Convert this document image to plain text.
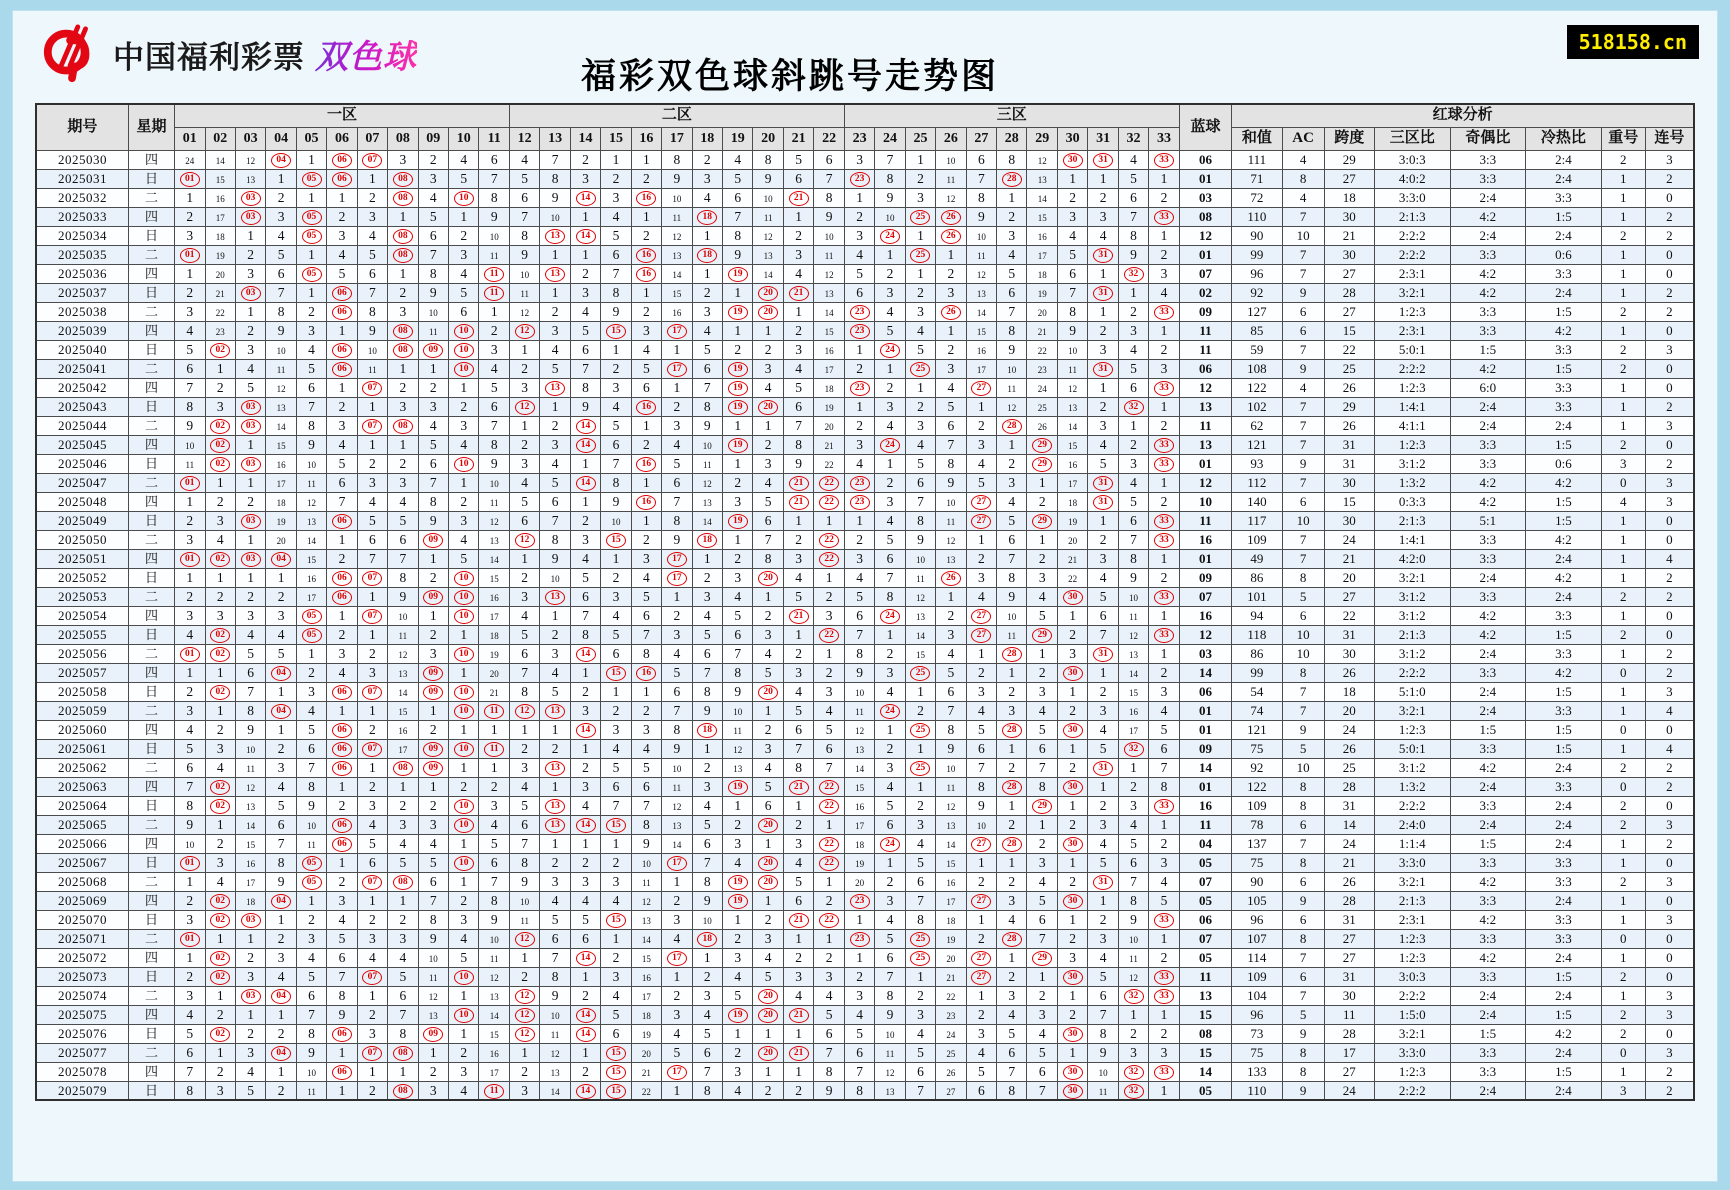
中国福利彩票 双色球
福彩双色球斜跳号走势图
518158.cn
期号	星期	一区											二区											三区											蓝球	红球分析							
		01	02	03	04	05	06	07	08	09	10	11	12	13	14	15	16	17	18	19	20	21	22	23	24	25	26	27	28	29	30	31	32	33		和值	AC	跨度	三区比	奇偶比	冷热比	重号	连号
2025030	四	24	14	12	04	1	06	07	3	2	4	6	4	7	2	1	1	8	2	4	8	5	6	3	7	1	10	6	8	12	30	31	4	33	06	111	4	29	3:0:3	3:3	2:4	2	3
2025031	日	01	15	13	1	05	06	1	08	3	5	7	5	8	3	2	2	9	3	5	9	6	7	23	8	2	11	7	28	13	1	1	5	1	01	71	8	27	4:0:2	3:3	2:4	1	2
2025032	二	1	16	03	2	1	1	2	08	4	10	8	6	9	14	3	16	10	4	6	10	21	8	1	9	3	12	8	1	14	2	2	6	2	03	72	4	18	3:3:0	2:4	3:3	1	0
2025033	四	2	17	03	3	05	2	3	1	5	1	9	7	10	1	4	1	11	18	7	11	1	9	2	10	25	26	9	2	15	3	3	7	33	08	110	7	30	2:1:3	4:2	1:5	1	2
2025034	日	3	18	1	4	05	3	4	08	6	2	10	8	13	14	5	2	12	1	8	12	2	10	3	24	1	26	10	3	16	4	4	8	1	12	90	10	21	2:2:2	2:4	2:4	2	2
2025035	二	01	19	2	5	1	4	5	08	7	3	11	9	1	1	6	16	13	18	9	13	3	11	4	1	25	1	11	4	17	5	31	9	2	01	99	7	30	2:2:2	3:3	0:6	1	0
2025036	四	1	20	3	6	05	5	6	1	8	4	11	10	13	2	7	16	14	1	19	14	4	12	5	2	1	2	12	5	18	6	1	32	3	07	96	7	27	2:3:1	4:2	3:3	1	0
2025037	日	2	21	03	7	1	06	7	2	9	5	11	11	1	3	8	1	15	2	1	20	21	13	6	3	2	3	13	6	19	7	31	1	4	02	92	9	28	3:2:1	4:2	2:4	1	2
2025038	二	3	22	1	8	2	06	8	3	10	6	1	12	2	4	9	2	16	3	19	20	1	14	23	4	3	26	14	7	20	8	1	2	33	09	127	6	27	1:2:3	3:3	1:5	2	2
2025039	四	4	23	2	9	3	1	9	08	11	10	2	12	3	5	15	3	17	4	1	1	2	15	23	5	4	1	15	8	21	9	2	3	1	11	85	6	15	2:3:1	3:3	4:2	1	0
2025040	日	5	02	3	10	4	06	10	08	09	10	3	1	4	6	1	4	1	5	2	2	3	16	1	24	5	2	16	9	22	10	3	4	2	11	59	7	22	5:0:1	1:5	3:3	2	3
2025041	二	6	1	4	11	5	06	11	1	1	10	4	2	5	7	2	5	17	6	19	3	4	17	2	1	25	3	17	10	23	11	31	5	3	06	108	9	25	2:2:2	4:2	1:5	2	0
2025042	四	7	2	5	12	6	1	07	2	2	1	5	3	13	8	3	6	1	7	19	4	5	18	23	2	1	4	27	11	24	12	1	6	33	12	122	4	26	1:2:3	6:0	3:3	1	0
2025043	日	8	3	03	13	7	2	1	3	3	2	6	12	1	9	4	16	2	8	19	20	6	19	1	3	2	5	1	12	25	13	2	32	1	13	102	7	29	1:4:1	2:4	3:3	1	2
2025044	二	9	02	03	14	8	3	07	08	4	3	7	1	2	14	5	1	3	9	1	1	7	20	2	4	3	6	2	28	26	14	3	1	2	11	62	7	26	4:1:1	2:4	2:4	1	3
2025045	四	10	02	1	15	9	4	1	1	5	4	8	2	3	14	6	2	4	10	19	2	8	21	3	24	4	7	3	1	29	15	4	2	33	13	121	7	31	1:2:3	3:3	1:5	2	0
2025046	日	11	02	03	16	10	5	2	2	6	10	9	3	4	1	7	16	5	11	1	3	9	22	4	1	5	8	4	2	29	16	5	3	33	01	93	9	31	3:1:2	3:3	0:6	3	2
2025047	二	01	1	1	17	11	6	3	3	7	1	10	4	5	14	8	1	6	12	2	4	21	22	23	2	6	9	5	3	1	17	31	4	1	12	112	7	30	1:3:2	4:2	4:2	0	3
2025048	四	1	2	2	18	12	7	4	4	8	2	11	5	6	1	9	16	7	13	3	5	21	22	23	3	7	10	27	4	2	18	31	5	2	10	140	6	15	0:3:3	4:2	1:5	4	3
2025049	日	2	3	03	19	13	06	5	5	9	3	12	6	7	2	10	1	8	14	19	6	1	1	1	4	8	11	27	5	29	19	1	6	33	11	117	10	30	2:1:3	5:1	1:5	1	0
2025050	二	3	4	1	20	14	1	6	6	09	4	13	12	8	3	15	2	9	18	1	7	2	22	2	5	9	12	1	6	1	20	2	7	33	16	109	7	24	1:4:1	3:3	4:2	1	0
2025051	四	01	02	03	04	15	2	7	7	1	5	14	1	9	4	1	3	17	1	2	8	3	22	3	6	10	13	2	7	2	21	3	8	1	01	49	7	21	4:2:0	3:3	2:4	1	4
2025052	日	1	1	1	1	16	06	07	8	2	10	15	2	10	5	2	4	17	2	3	20	4	1	4	7	11	26	3	8	3	22	4	9	2	09	86	8	20	3:2:1	2:4	4:2	1	2
2025053	二	2	2	2	2	17	06	1	9	09	10	16	3	13	6	3	5	1	3	4	1	5	2	5	8	12	1	4	9	4	30	5	10	33	07	101	5	27	3:1:2	3:3	2:4	2	2
2025054	四	3	3	3	3	05	1	07	10	1	10	17	4	1	7	4	6	2	4	5	2	21	3	6	24	13	2	27	10	5	1	6	11	1	16	94	6	22	3:1:2	4:2	3:3	1	0
2025055	日	4	02	4	4	05	2	1	11	2	1	18	5	2	8	5	7	3	5	6	3	1	22	7	1	14	3	27	11	29	2	7	12	33	12	118	10	31	2:1:3	4:2	1:5	2	0
2025056	二	01	02	5	5	1	3	2	12	3	10	19	6	3	14	6	8	4	6	7	4	2	1	8	2	15	4	1	28	1	3	31	13	1	03	86	10	30	3:1:2	2:4	3:3	1	2
2025057	四	1	1	6	04	2	4	3	13	09	1	20	7	4	1	15	16	5	7	8	5	3	2	9	3	25	5	2	1	2	30	1	14	2	14	99	8	26	2:2:2	3:3	4:2	0	2
2025058	日	2	02	7	1	3	06	07	14	09	10	21	8	5	2	1	1	6	8	9	20	4	3	10	4	1	6	3	2	3	1	2	15	3	06	54	7	18	5:1:0	2:4	1:5	1	3
2025059	二	3	1	8	04	4	1	1	15	1	10	11	12	13	3	2	2	7	9	10	1	5	4	11	24	2	7	4	3	4	2	3	16	4	01	74	7	20	3:2:1	2:4	3:3	1	4
2025060	四	4	2	9	1	5	06	2	16	2	1	1	1	1	14	3	3	8	18	11	2	6	5	12	1	25	8	5	28	5	30	4	17	5	01	121	9	24	1:2:3	1:5	1:5	0	0
2025061	日	5	3	10	2	6	06	07	17	09	10	11	2	2	1	4	4	9	1	12	3	7	6	13	2	1	9	6	1	6	1	5	32	6	09	75	5	26	5:0:1	3:3	1:5	1	4
2025062	二	6	4	11	3	7	06	1	08	09	1	1	3	13	2	5	5	10	2	13	4	8	7	14	3	25	10	7	2	7	2	31	1	7	14	92	10	25	3:1:2	4:2	2:4	2	2
2025063	四	7	02	12	4	8	1	2	1	1	2	2	4	1	3	6	6	11	3	19	5	21	22	15	4	1	11	8	28	8	30	1	2	8	01	122	8	28	1:3:2	2:4	3:3	0	2
2025064	日	8	02	13	5	9	2	3	2	2	10	3	5	13	4	7	7	12	4	1	6	1	22	16	5	2	12	9	1	29	1	2	3	33	16	109	8	31	2:2:2	3:3	2:4	2	0
2025065	二	9	1	14	6	10	06	4	3	3	10	4	6	13	14	15	8	13	5	2	20	2	1	17	6	3	13	10	2	1	2	3	4	1	11	78	6	14	2:4:0	2:4	2:4	2	3
2025066	四	10	2	15	7	11	06	5	4	4	1	5	7	1	1	1	9	14	6	3	1	3	22	18	24	4	14	27	28	2	30	4	5	2	04	137	7	24	1:1:4	1:5	2:4	1	2
2025067	日	01	3	16	8	05	1	6	5	5	10	6	8	2	2	2	10	17	7	4	20	4	22	19	1	5	15	1	1	3	1	5	6	3	05	75	8	21	3:3:0	3:3	3:3	1	0
2025068	二	1	4	17	9	05	2	07	08	6	1	7	9	3	3	3	11	1	8	19	20	5	1	20	2	6	16	2	2	4	2	31	7	4	07	90	6	26	3:2:1	4:2	3:3	2	3
2025069	四	2	02	18	04	1	3	1	1	7	2	8	10	4	4	4	12	2	9	19	1	6	2	23	3	7	17	27	3	5	30	1	8	5	05	105	9	28	2:1:3	3:3	2:4	1	0
2025070	日	3	02	03	1	2	4	2	2	8	3	9	11	5	5	15	13	3	10	1	2	21	22	1	4	8	18	1	4	6	1	2	9	33	06	96	6	31	2:3:1	4:2	3:3	1	3
2025071	二	01	1	1	2	3	5	3	3	9	4	10	12	6	6	1	14	4	18	2	3	1	1	23	5	25	19	2	28	7	2	3	10	1	07	107	8	27	1:2:3	3:3	3:3	0	0
2025072	四	1	02	2	3	4	6	4	4	10	5	11	1	7	14	2	15	17	1	3	4	2	2	1	6	25	20	27	1	29	3	4	11	2	05	114	7	27	1:2:3	4:2	2:4	1	0
2025073	日	2	02	3	4	5	7	07	5	11	10	12	2	8	1	3	16	1	2	4	5	3	3	2	7	1	21	27	2	1	30	5	12	33	11	109	6	31	3:0:3	3:3	1:5	2	0
2025074	二	3	1	03	04	6	8	1	6	12	1	13	12	9	2	4	17	2	3	5	20	4	4	3	8	2	22	1	3	2	1	6	32	33	13	104	7	30	2:2:2	2:4	2:4	1	3
2025075	四	4	2	1	1	7	9	2	7	13	10	14	12	10	14	5	18	3	4	19	20	21	5	4	9	3	23	2	4	3	2	7	1	1	15	96	5	11	1:5:0	2:4	1:5	2	3
2025076	日	5	02	2	2	8	06	3	8	09	1	15	12	11	14	6	19	4	5	1	1	1	6	5	10	4	24	3	5	4	30	8	2	2	08	73	9	28	3:2:1	1:5	4:2	2	0
2025077	二	6	1	3	04	9	1	07	08	1	2	16	1	12	1	15	20	5	6	2	20	21	7	6	11	5	25	4	6	5	1	9	3	3	15	75	8	17	3:3:0	3:3	2:4	0	3
2025078	四	7	2	4	1	10	06	1	1	2	3	17	2	13	2	15	21	17	7	3	1	1	8	7	12	6	26	5	7	6	30	10	32	33	14	133	8	27	1:2:3	3:3	1:5	1	2
2025079	日	8	3	5	2	11	1	2	08	3	4	11	3	14	14	15	22	1	8	4	2	2	9	8	13	7	27	6	8	7	30	11	32	1	05	110	9	24	2:2:2	2:4	2:4	3	2
